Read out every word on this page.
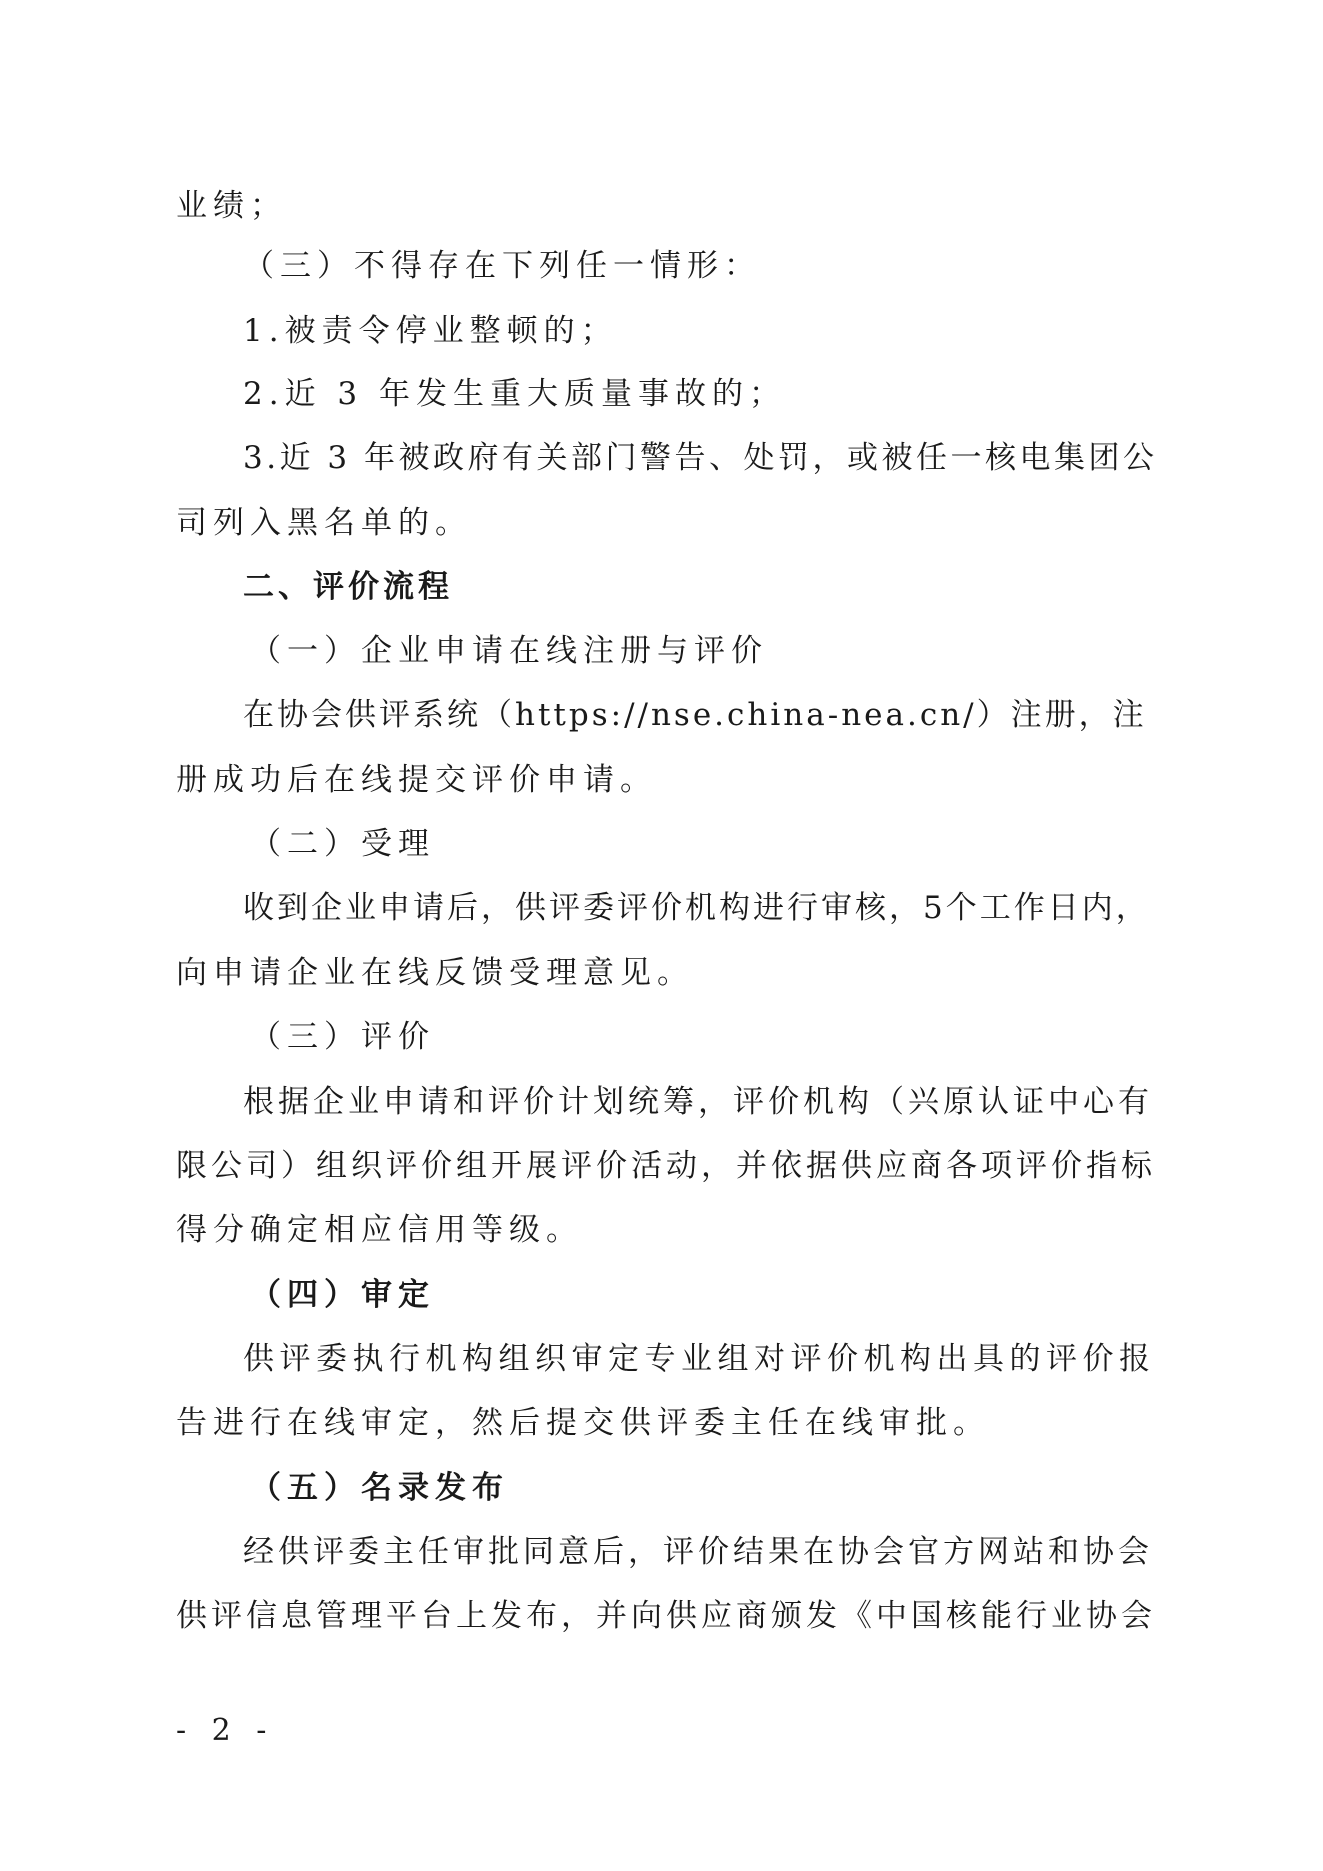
业绩；
（三）不得存在下列任一情形：
1.被责令停业整顿的；
2.近 3 年发生重大质量事故的；
3.近 3 年被政府有关部门警告、处罚，或被任一核电集团公
司列入黑名单的。
二、评价流程
（一）企业申请在线注册与评价
在协会供评系统（https://nse.china-nea.cn/）注册，注
册成功后在线提交评价申请。
（二）受理
收到企业申请后，供评委评价机构进行审核，5个工作日内，
向申请企业在线反馈受理意见。
（三）评价
根据企业申请和评价计划统筹，评价机构（兴原认证中心有
限公司）组织评价组开展评价活动，并依据供应商各项评价指标
得分确定相应信用等级。
（四）审定
供评委执行机构组织审定专业组对评价机构出具的评价报
告进行在线审定，然后提交供评委主任在线审批。
（五）名录发布
经供评委主任审批同意后，评价结果在协会官方网站和协会
供评信息管理平台上发布，并向供应商颁发《中国核能行业协会
- 2 -
